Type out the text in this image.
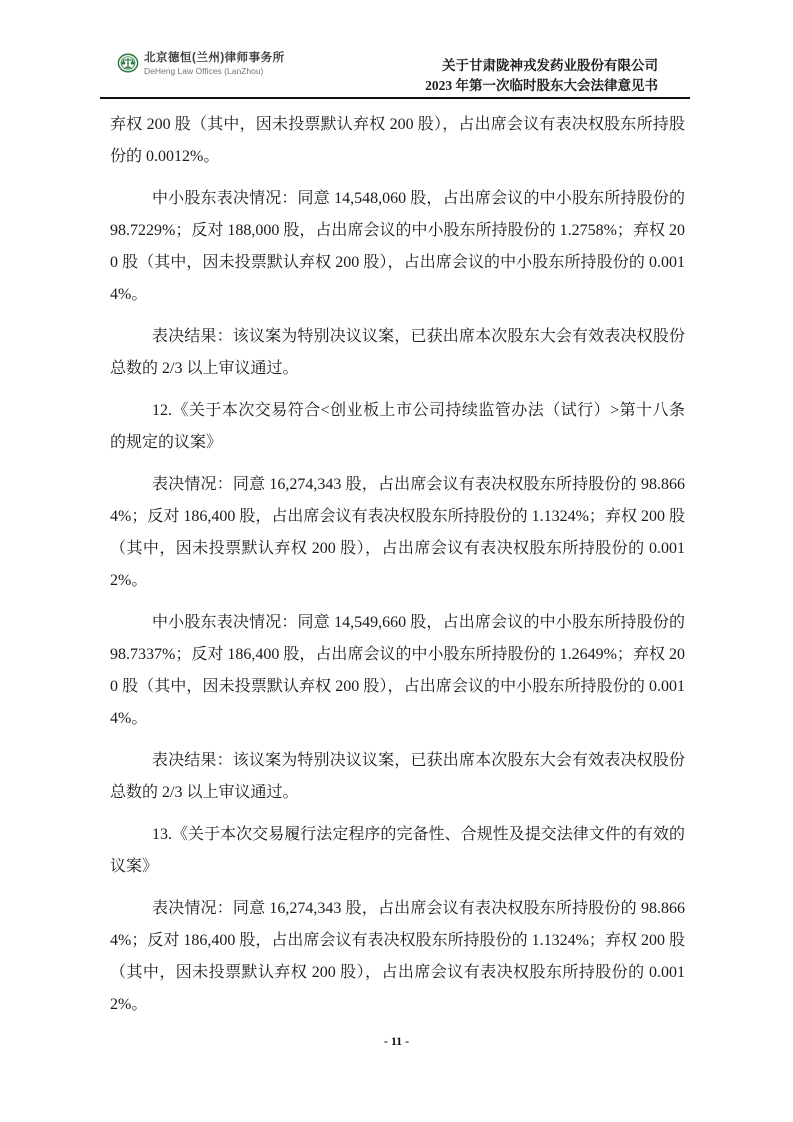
北京德恒(兰州)律师事务所
DeHeng Law Offices (LanZhou)	关于甘肃陇神戎发药业股份有限公司
2023 年第一次临时股东大会法律意见书

弃权 200 股（其中，因未投票默认弃权 200 股），占出席会议有表决权股东所持股份的 0.0012%。

中小股东表决情况：同意 14,548,060 股，占出席会议的中小股东所持股份的 98.7229%；反对 188,000 股，占出席会议的中小股东所持股份的 1.2758%；弃权 200 股（其中，因未投票默认弃权 200 股），占出席会议的中小股东所持股份的 0.0014%。

表决结果：该议案为特别决议议案，已获出席本次股东大会有效表决权股份总数的 2/3 以上审议通过。

12.《关于本次交易符合<创业板上市公司持续监管办法（试行）>第十八条的规定的议案》

表决情况：同意 16,274,343 股，占出席会议有表决权股东所持股份的 98.8664%；反对 186,400 股，占出席会议有表决权股东所持股份的 1.1324%；弃权 200 股（其中，因未投票默认弃权 200 股），占出席会议有表决权股东所持股份的 0.0012%。

中小股东表决情况：同意 14,549,660 股，占出席会议的中小股东所持股份的 98.7337%；反对 186,400 股，占出席会议的中小股东所持股份的 1.2649%；弃权 200 股（其中，因未投票默认弃权 200 股），占出席会议的中小股东所持股份的 0.0014%。

表决结果：该议案为特别决议议案，已获出席本次股东大会有效表决权股份总数的 2/3 以上审议通过。

13.《关于本次交易履行法定程序的完备性、合规性及提交法律文件的有效的议案》

表决情况：同意 16,274,343 股，占出席会议有表决权股东所持股份的 98.8664%；反对 186,400 股，占出席会议有表决权股东所持股份的 1.1324%；弃权 200 股（其中，因未投票默认弃权 200 股），占出席会议有表决权股东所持股份的 0.0012%。

- 11 -
